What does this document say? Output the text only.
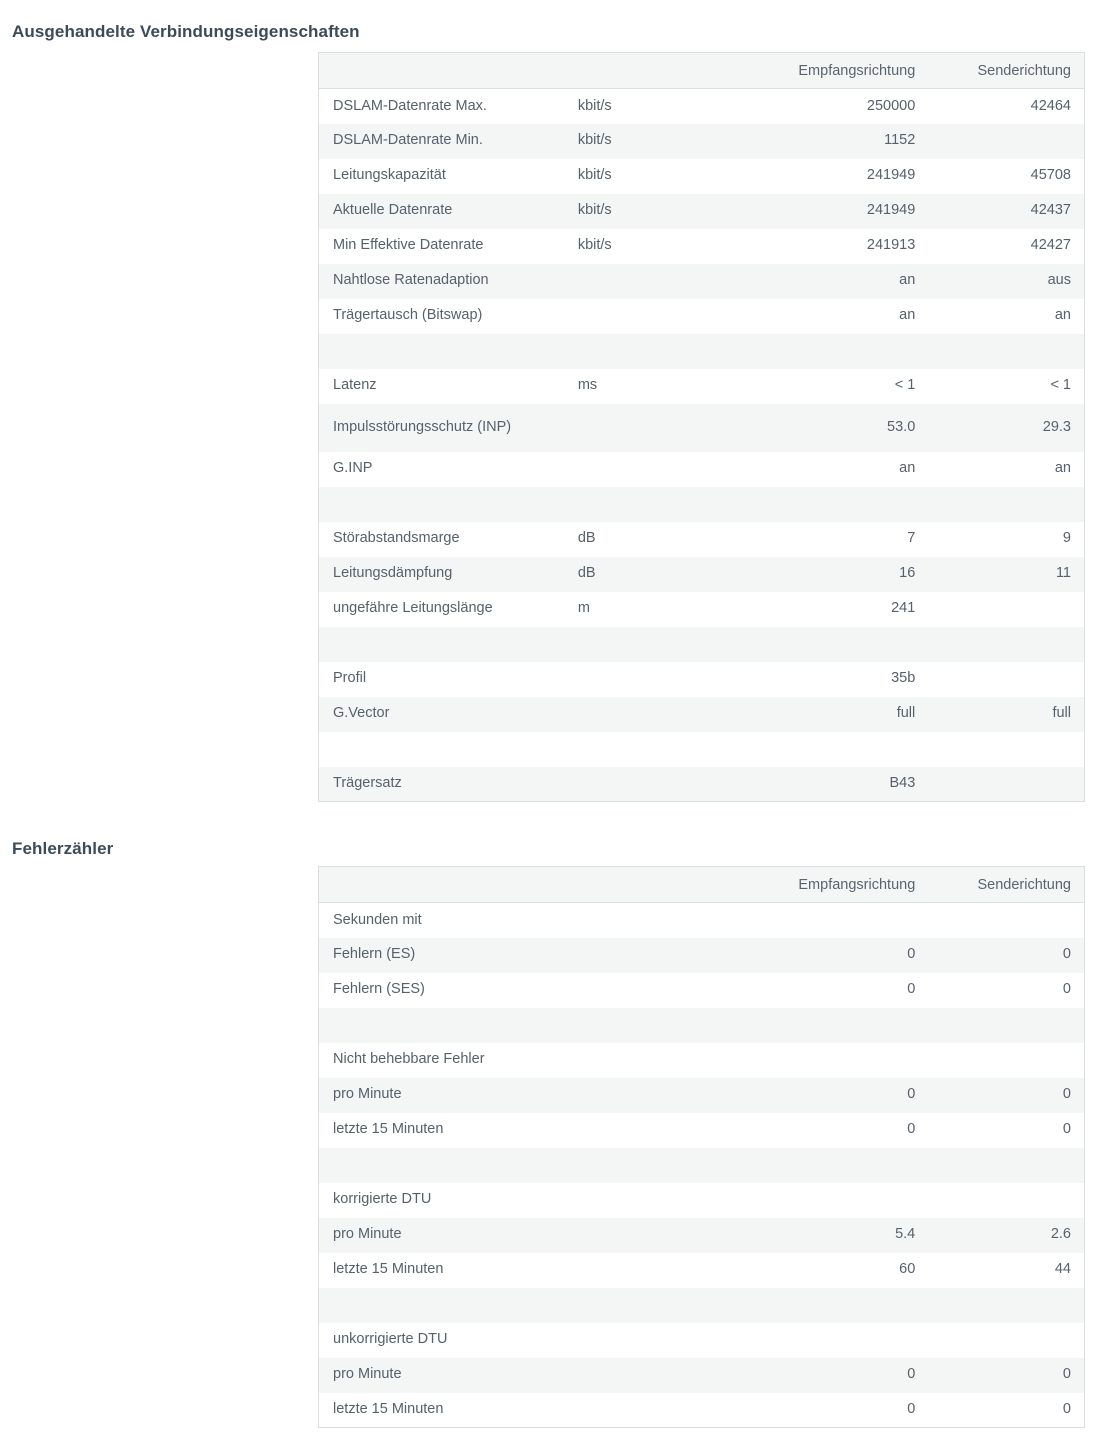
Ausgehandelte Verbindungseigenschaften
		Empfangsrichtung	Senderichtung
DSLAM-Datenrate Max.	kbit/s	250000	42464
DSLAM-Datenrate Min.	kbit/s	1152	
Leitungskapazität	kbit/s	241949	45708
Aktuelle Datenrate	kbit/s	241949	42437
Min Effektive Datenrate	kbit/s	241913	42427
Nahtlose Ratenadaption		an	aus
Trägertausch (Bitswap)		an	an

Latenz	ms	< 1	< 1
Impulsstörungsschutz (INP)		53.0	29.3
G.INP		an	an

Störabstandsmarge	dB	7	9
Leitungsdämpfung	dB	16	11
ungefähre Leitungslänge	m	241	

Profil		35b	
G.Vector		full	full

Trägersatz		B43	
Fehlerzähler
		Empfangsrichtung	Senderichtung
Sekunden mit			
Fehlern (ES)		0	0
Fehlern (SES)		0	0

Nicht behebbare Fehler			
pro Minute		0	0
letzte 15 Minuten		0	0

korrigierte DTU			
pro Minute		5.4	2.6
letzte 15 Minuten		60	44

unkorrigierte DTU			
pro Minute		0	0
letzte 15 Minuten		0	0
